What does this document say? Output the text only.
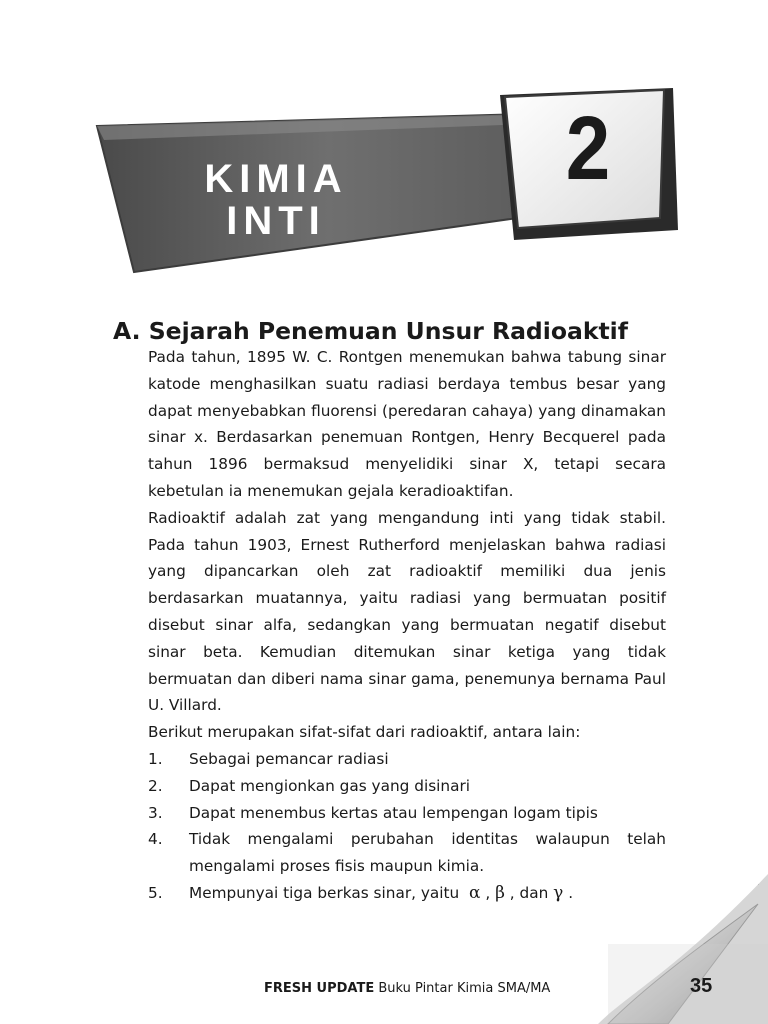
KIMIA
INTI
2
A. Sejarah Penemuan Unsur Radioaktif

Pada tahun, 1895 W. C. Rontgen menemukan bahwa tabung sinar katode menghasilkan suatu radiasi berdaya tembus besar yang dapat menyebabkan fluorensi (peredaran cahaya) yang dinamakan sinar x. Berdasarkan penemuan Rontgen, Henry Becquerel pada tahun 1896 bermaksud menyelidiki sinar X, tetapi secara kebetulan ia menemukan gejala keradioaktifan.

Radioaktif adalah zat yang mengandung inti yang tidak stabil. Pada tahun 1903, Ernest Rutherford menjelaskan bahwa radiasi yang dipancarkan oleh zat radioaktif memiliki dua jenis berdasarkan muatannya, yaitu radiasi yang bermuatan positif disebut sinar alfa, sedangkan yang bermuatan negatif disebut sinar beta. Kemudian ditemukan sinar ketiga yang tidak bermuatan dan diberi nama sinar gama, penemunya bernama Paul U. Villard.

Berikut merupakan sifat-sifat dari radioaktif, antara lain:

1.	Sebagai pemancar radiasi
2.	Dapat mengionkan gas yang disinari
3.	Dapat menembus kertas atau lempengan logam tipis
4.	Tidak mengalami perubahan identitas walaupun telah mengalami proses fisis maupun kimia.
5.	Mempunyai tiga berkas sinar, yaitu α , β , dan γ .
FRESH UPDATE Buku Pintar Kimia SMA/MA	35
